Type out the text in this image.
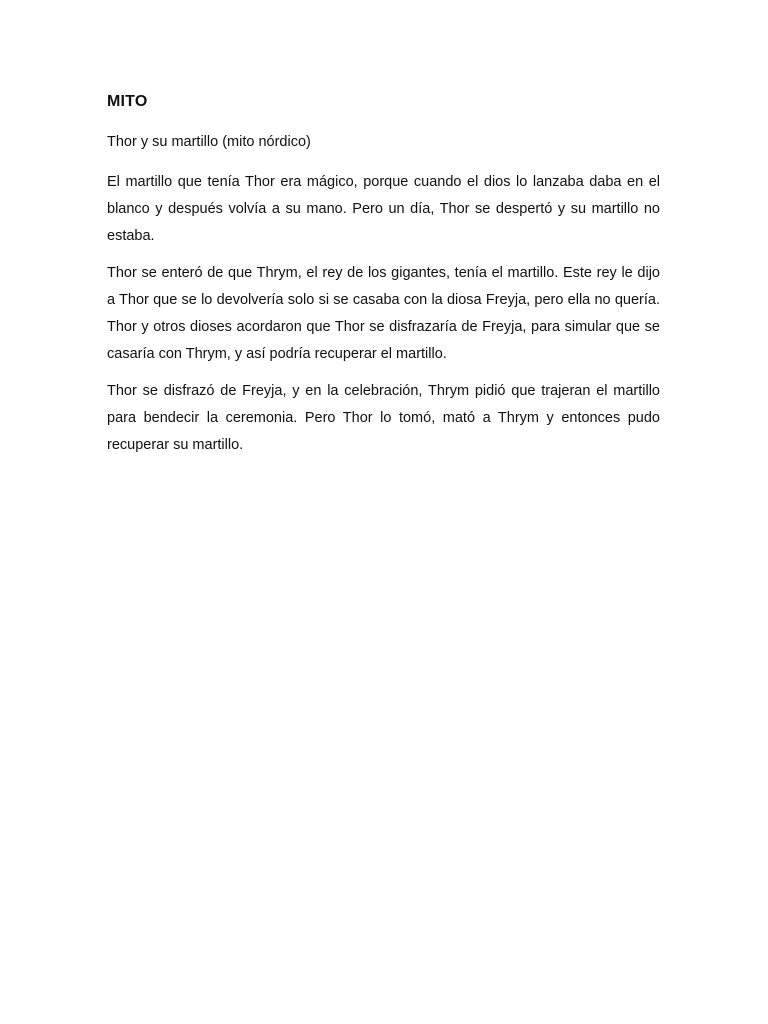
MITO

Thor y su martillo (mito nórdico)

El martillo que tenía Thor era mágico, porque cuando el dios lo lanzaba daba en el blanco y después volvía a su mano. Pero un día, Thor se despertó y su martillo no estaba.

Thor se enteró de que Thrym, el rey de los gigantes, tenía el martillo. Este rey le dijo a Thor que se lo devolvería solo si se casaba con la diosa Freyja, pero ella no quería. Thor y otros dioses acordaron que Thor se disfrazaría de Freyja, para simular que se casaría con Thrym, y así podría recuperar el martillo.

Thor se disfrazó de Freyja, y en la celebración, Thrym pidió que trajeran el martillo para bendecir la ceremonia. Pero Thor lo tomó, mató a Thrym y entonces pudo recuperar su martillo.
